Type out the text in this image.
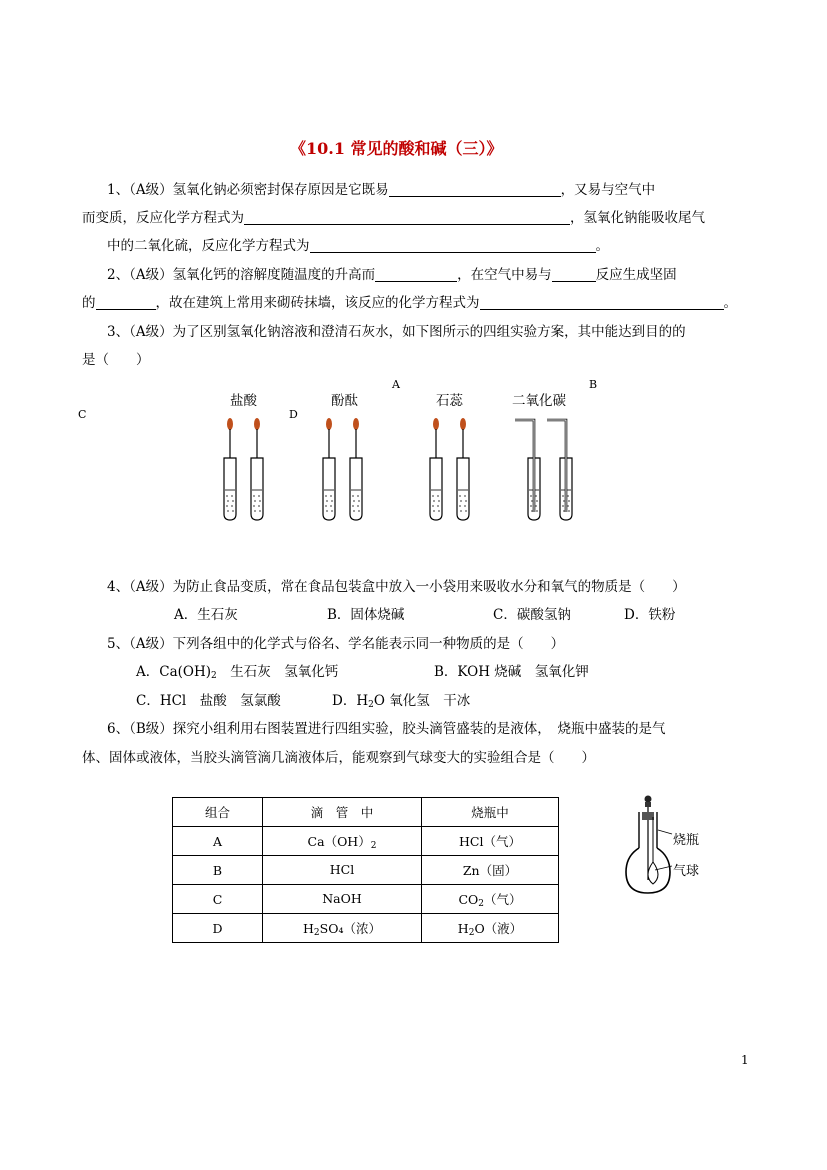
《10.1 常见的酸和碱（三）》
1、（A级）氢氧化钠必须密封保存原因是它既易	，又易与空气中
而变质，反应化学方程式为	，氢氧化钠能吸收尾气
中的二氧化硫，反应化学方程式为	。
2、（A级）氢氧化钙的溶解度随温度的升高而	，在空气中易与	反应生成坚固
的	，故在建筑上常用来砌砖抹墙，该反应的化学方程式为	。
3、（A级）为了区别氢氧化钠溶液和澄清石灰水，如下图所示的四组实验方案，其中能达到目的的
是（　　）
盐酸	酚酞	石蕊	二氧化碳
A	B
C	D
4、（A级）为防止食品变质，常在食品包装盒中放入一小袋用来吸收水分和氧气的物质是（　　）
A．生石灰	B．固体烧碱	C．碳酸氢钠	D．铁粉
5、（A级）下列各组中的化学式与俗名、学名能表示同一种物质的是（　　）
A．$Ca(OH)_2$　生石灰　氢氧化钙	B．KOH 烧碱　氢氧化钾
C．HCl　盐酸　氢氯酸	D．$H_2O$ 氧化氢　干冰
6、（B级）探究小组利用右图装置进行四组实验，胶头滴管盛装的是液体，　烧瓶中盛装的是气
体、固体或液体，当胶头滴管滴几滴液体后，能观察到气球变大的实验组合是（　　）
组合	滴　管　中	烧瓶中
A	$Ca(OH)_2$	HCl（气）
B	HCl	Zn（固）
C	NaOH	$CO_2$（气）
D	$H_2SO_4$（浓）	$H_2O$（液）
烧瓶
气球
1
